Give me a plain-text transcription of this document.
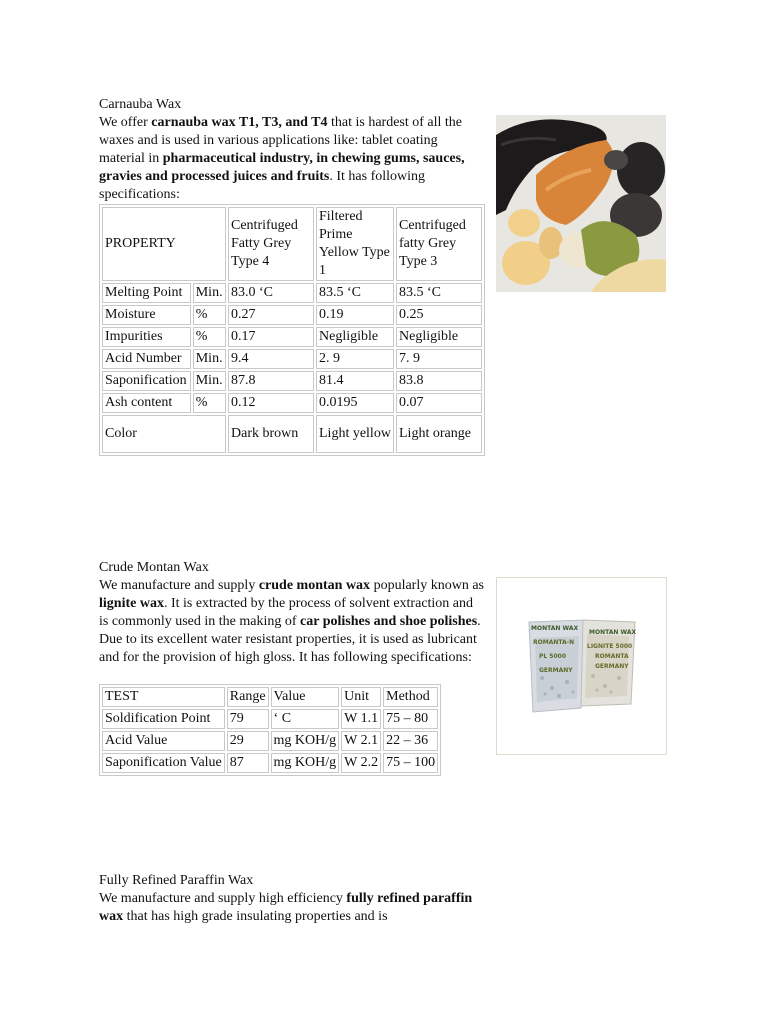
Carnauba Wax
We offer carnauba wax T1, T3, and T4 that is hardest of all the waxes and is used in various applications like: tablet coating material in pharmaceutical industry, in chewing gums, sauces, gravies and processed juices and fruits. It has following specifications:
PROPERTY		Centrifuged Fatty Grey Type 4	Filtered Prime Yellow Type 1	Centrifuged fatty Grey Type 3
Melting Point	Min.	83.0 ‘C	83.5 ‘C	83.5 ‘C
Moisture	%	0.27	0.19	0.25
Impurities	%	0.17	Negligible	Negligible
Acid Number	Min.	9.4	2. 9	7. 9
Saponification	Min.	87.8	81.4	83.8
Ash content	%	0.12	0.0195	0.07
Color		Dark brown	Light yellow	Light orange
Crude Montan Wax
We manufacture and supply crude montan wax popularly known as lignite wax. It is extracted by the process of solvent extraction and is commonly used in the making of car polishes and shoe polishes. Due to its excellent water resistant properties, it is used as lubricant and for the provision of high gloss. It has following specifications:
MONTAN WAX
ROMANTA-N
PL 5000
GERMANY
MONTAN WAX
LIGNITE 5000
ROMANTA
GERMANY
TEST	Range	Value	Unit	Method
Soldification Point	79	‘ C	W 1.1	75 – 80
Acid Value	29	mg KOH/g	W 2.1	22 – 36
Saponification Value	87	mg KOH/g	W 2.2	75 – 100
Fully Refined Paraffin Wax
We manufacture and supply high efficiency fully refined paraffin wax that has high grade insulating properties and is
